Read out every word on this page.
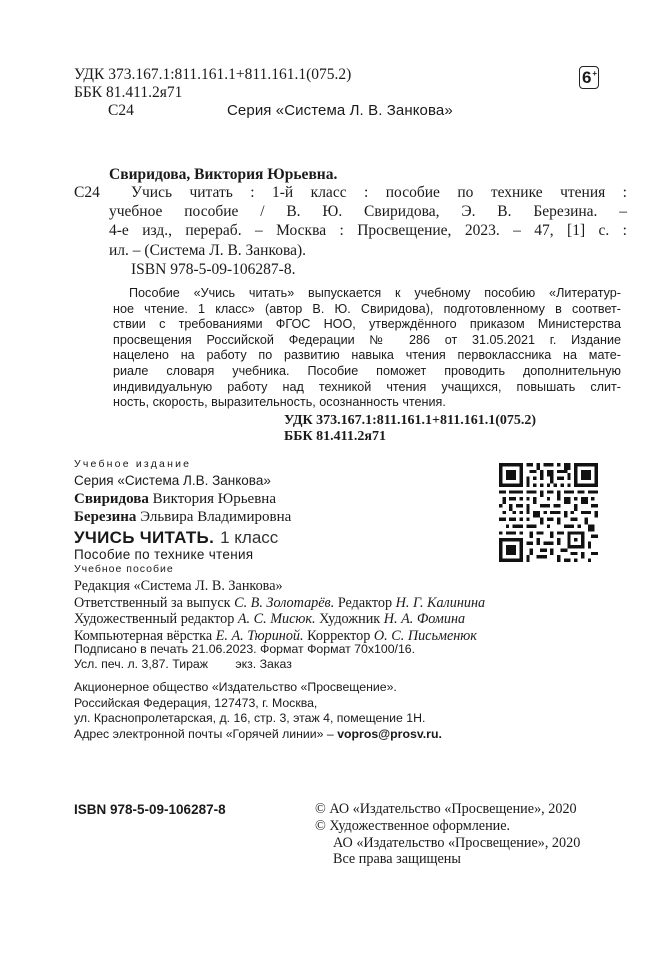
УДК 373.167.1:811.161.1+811.161.1(075.2)
ББК 81.411.2я71
С24	Серия «Система Л. В. Занкова»
6 +
Свиридова, Виктория Юрьевна.
С24	Учись читать : 1-й класс : пособие по технике чтения :
учебное пособие / В. Ю. Свиридова, Э. В. Березина. –
4-е изд., перераб. – Москва : Просвещение, 2023. – 47, [1] с. :
ил. – (Система Л. В. Занкова).
ISBN 978-5-09-106287-8.
Пособие «Учись читать» выпускается к учебному пособию «Литератур-
ное чтение. 1 класс» (автор В. Ю. Свиридова), подготовленному в соответ-
ствии с требованиями ФГОС НОО, утверждённого приказом Министерства
просвещения Российской Федерации № 286 от 31.05.2021 г. Издание
нацелено на работу по развитию навыка чтения первоклассника на мате-
риале словаря учебника. Пособие поможет проводить дополнительную
индивидуальную работу над техникой чтения учащихся, повышать слит-
ность, скорость, выразительность, осознанность чтения.
УДК 373.167.1:811.161.1+811.161.1(075.2)
ББК 81.411.2я71
Учебное издание
Серия «Система Л.В. Занкова»
Свиридова Виктория Юрьевна
Березина Эльвира Владимировна
УЧИСЬ ЧИТАТЬ. 1 класс
Пособие по технике чтения
Учебное пособие
Редакция «Система Л. В. Занкова»
Ответственный за выпуск С. В. Золотарёв. Редактор Н. Г. Калинина
Художественный редактор А. С. Мисюк. Художник Н. А. Фомина
Компьютерная вёрстка Е. А. Тюриной. Корректор О. С. Письменюк
Подписано в печать 21.06.2023. Формат Формат 70x100/16.
Усл. печ. л. 3,87. Тираж        экз. Заказ
Акционерное общество «Издательство «Просвещение».
Российская Федерация, 127473, г. Москва,
ул. Краснопролетарская, д. 16, стр. 3, этаж 4, помещение 1Н.
Адрес электронной почты «Горячей линии» – vopros@prosv.ru.
ISBN 978-5-09-106287-8	© АО «Издательство «Просвещение», 2020
© Художественное оформление.
АО «Издательство «Просвещение», 2020
Все права защищены
